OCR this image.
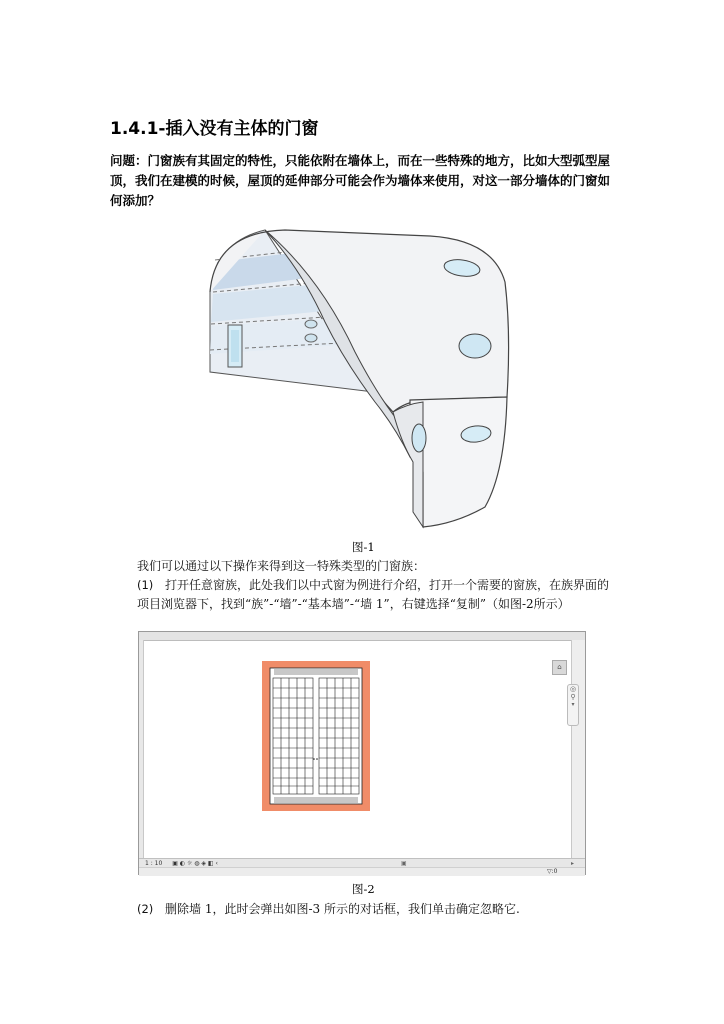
1.4.1-插入没有主体的门窗
问题：门窗族有其固定的特性，只能依附在墙体上，而在一些特殊的地方，比如大型弧型屋顶，我们在建模的时候，屋顶的延伸部分可能会作为墙体来使用，对这一部分墙体的门窗如何添加？
图-1
我们可以通过以下操作来得到这一特殊类型的门窗族：
(1) 打开任意窗族，此处我们以中式窗为例进行介绍，打开一个需要的窗族，在族界面的项目浏览器下，找到“族”-“墙”-“基本墙”-“墙 1”，右键选择“复制”（如图-2所示）
⌂
◎
⚲
▾
1 : 10 ▣ ◐ ☼ ◍ ◈ ◧ ‹	▣	▸
▽:0
图-2
(2) 删除墙 1，此时会弹出如图-3 所示的对话框，我们单击确定忽略它.
